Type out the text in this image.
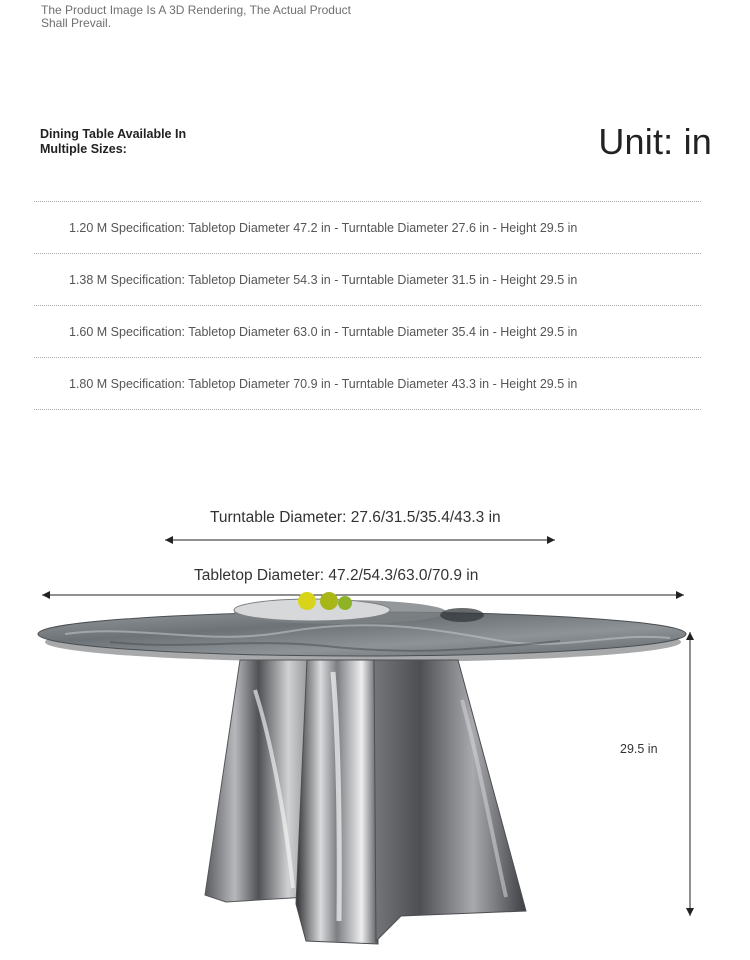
The Product Image Is A 3D Rendering, The Actual Product Shall Prevail.
Dining Table Available In Multiple Sizes:	Unit: in
1.20 M Specification: Tabletop Diameter 47.2 in - Turntable Diameter 27.6 in - Height 29.5 in
1.38 M Specification: Tabletop Diameter 54.3 in - Turntable Diameter 31.5 in - Height 29.5 in
1.60 M Specification: Tabletop Diameter 63.0 in - Turntable Diameter 35.4 in - Height 29.5 in
1.80 M Specification: Tabletop Diameter 70.9 in - Turntable Diameter 43.3 in - Height 29.5 in
Turntable Diameter: 27.6/31.5/35.4/43.3 in
Tabletop Diameter: 47.2/54.3/63.0/70.9 in
29.5 in
